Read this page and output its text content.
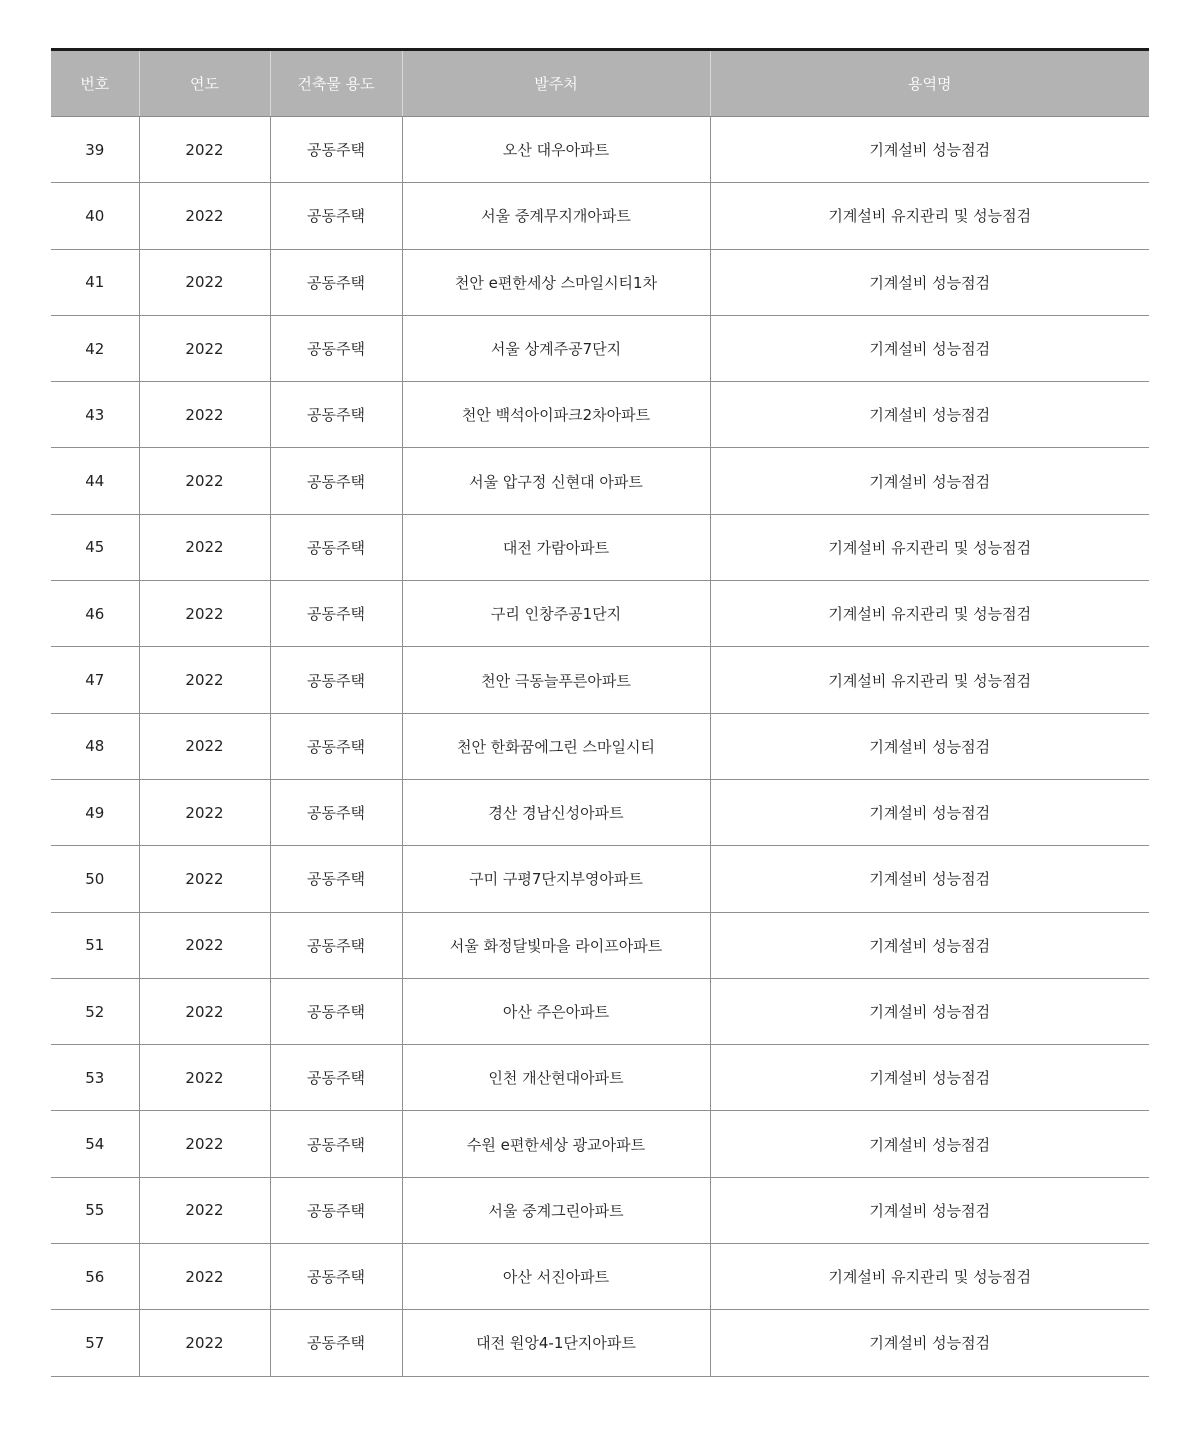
번호	연도	건축물 용도	발주처	용역명
39	2022	공동주택	오산 대우아파트	기계설비 성능점검
40	2022	공동주택	서울 중계무지개아파트	기계설비 유지관리 및 성능점검
41	2022	공동주택	천안 e편한세상 스마일시티1차	기계설비 성능점검
42	2022	공동주택	서울 상계주공7단지	기계설비 성능점검
43	2022	공동주택	천안 백석아이파크2차아파트	기계설비 성능점검
44	2022	공동주택	서울 압구정 신현대 아파트	기계설비 성능점검
45	2022	공동주택	대전 가람아파트	기계설비 유지관리 및 성능점검
46	2022	공동주택	구리 인창주공1단지	기계설비 유지관리 및 성능점검
47	2022	공동주택	천안 극동늘푸른아파트	기계설비 유지관리 및 성능점검
48	2022	공동주택	천안 한화꿈에그린 스마일시티	기계설비 성능점검
49	2022	공동주택	경산 경남신성아파트	기계설비 성능점검
50	2022	공동주택	구미 구평7단지부영아파트	기계설비 성능점검
51	2022	공동주택	서울 화정달빛마을 라이프아파트	기계설비 성능점검
52	2022	공동주택	아산 주은아파트	기계설비 성능점검
53	2022	공동주택	인천 개산현대아파트	기계설비 성능점검
54	2022	공동주택	수원 e편한세상 광교아파트	기계설비 성능점검
55	2022	공동주택	서울 중계그린아파트	기계설비 성능점검
56	2022	공동주택	아산 서진아파트	기계설비 유지관리 및 성능점검
57	2022	공동주택	대전 원앙4-1단지아파트	기계설비 성능점검
